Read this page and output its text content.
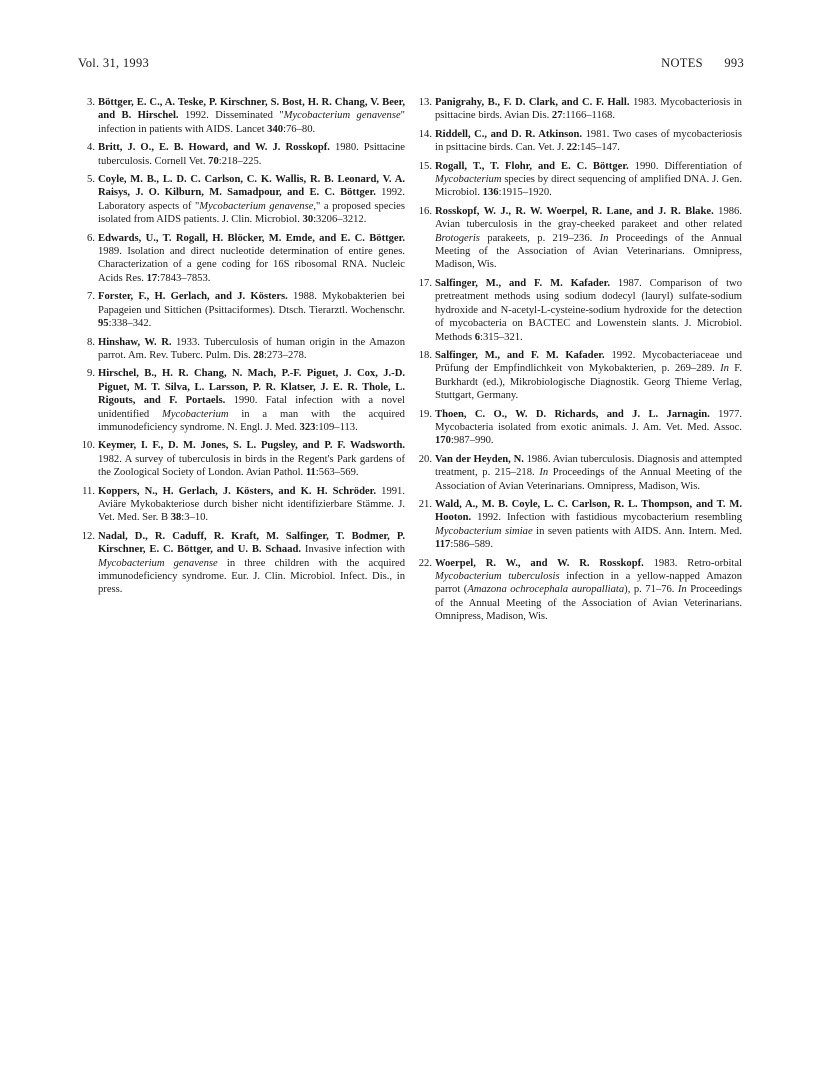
Vol. 31, 1993	NOTES 993
3. Böttger, E. C., A. Teske, P. Kirschner, S. Bost, H. R. Chang, V. Beer, and B. Hirschel. 1992. Disseminated "Mycobacterium genavense" infection in patients with AIDS. Lancet 340:76–80.
4. Britt, J. O., E. B. Howard, and W. J. Rosskopf. 1980. Psittacine tuberculosis. Cornell Vet. 70:218–225.
5. Coyle, M. B., L. D. C. Carlson, C. K. Wallis, R. B. Leonard, V. A. Raisys, J. O. Kilburn, M. Samadpour, and E. C. Böttger. 1992. Laboratory aspects of "Mycobacterium genavense," a proposed species isolated from AIDS patients. J. Clin. Microbiol. 30:3206–3212.
6. Edwards, U., T. Rogall, H. Blöcker, M. Emde, and E. C. Böttger. 1989. Isolation and direct nucleotide determination of entire genes. Characterization of a gene coding for 16S ribosomal RNA. Nucleic Acids Res. 17:7843–7853.
7. Forster, F., H. Gerlach, and J. Kösters. 1988. Mykobakterien bei Papageien und Sittichen (Psittaciformes). Dtsch. Tierarztl. Wochenschr. 95:338–342.
8. Hinshaw, W. R. 1933. Tuberculosis of human origin in the Amazon parrot. Am. Rev. Tuberc. Pulm. Dis. 28:273–278.
9. Hirschel, B., H. R. Chang, N. Mach, P.-F. Piguet, J. Cox, J.-D. Piguet, M. T. Silva, L. Larsson, P. R. Klatser, J. E. R. Thole, L. Rigouts, and F. Portaels. 1990. Fatal infection with a novel unidentified Mycobacterium in a man with the acquired immunodeficiency syndrome. N. Engl. J. Med. 323:109–113.
10. Keymer, I. F., D. M. Jones, S. L. Pugsley, and P. F. Wadsworth. 1982. A survey of tuberculosis in birds in the Regent's Park gardens of the Zoological Society of London. Avian Pathol. 11:563–569.
11. Koppers, N., H. Gerlach, J. Kösters, and K. H. Schröder. 1991. Aviäre Mykobakteriose durch bisher nicht identifizierbare Stämme. J. Vet. Med. Ser. B 38:3–10.
12. Nadal, D., R. Caduff, R. Kraft, M. Salfinger, T. Bodmer, P. Kirschner, E. C. Böttger, and U. B. Schaad. Invasive infection with Mycobacterium genavense in three children with the acquired immunodeficiency syndrome. Eur. J. Clin. Microbiol. Infect. Dis., in press.
13. Panigrahy, B., F. D. Clark, and C. F. Hall. 1983. Mycobacteriosis in psittacine birds. Avian Dis. 27:1166–1168.
14. Riddell, C., and D. R. Atkinson. 1981. Two cases of mycobacteriosis in psittacine birds. Can. Vet. J. 22:145–147.
15. Rogall, T., T. Flohr, and E. C. Böttger. 1990. Differentiation of Mycobacterium species by direct sequencing of amplified DNA. J. Gen. Microbiol. 136:1915–1920.
16. Rosskopf, W. J., R. W. Woerpel, R. Lane, and J. R. Blake. 1986. Avian tuberculosis in the gray-cheeked parakeet and other related Brotogeris parakeets, p. 219–236. In Proceedings of the Annual Meeting of the Association of Avian Veterinarians. Omnipress, Madison, Wis.
17. Salfinger, M., and F. M. Kafader. 1987. Comparison of two pretreatment methods using sodium dodecyl (lauryl) sulfate-sodium hydroxide and N-acetyl-L-cysteine-sodium hydroxide for the detection of mycobacteria on BACTEC and Lowenstein slants. J. Microbiol. Methods 6:315–321.
18. Salfinger, M., and F. M. Kafader. 1992. Mycobacteriaceae und Prüfung der Empfindlichkeit von Mykobakterien, p. 269–289. In F. Burkhardt (ed.), Mikrobiologische Diagnostik. Georg Thieme Verlag, Stuttgart, Germany.
19. Thoen, C. O., W. D. Richards, and J. L. Jarnagin. 1977. Mycobacteria isolated from exotic animals. J. Am. Vet. Med. Assoc. 170:987–990.
20. Van der Heyden, N. 1986. Avian tuberculosis. Diagnosis and attempted treatment, p. 215–218. In Proceedings of the Annual Meeting of the Association of Avian Veterinarians. Omnipress, Madison, Wis.
21. Wald, A., M. B. Coyle, L. C. Carlson, R. L. Thompson, and T. M. Hooton. 1992. Infection with fastidious mycobacterium resembling Mycobacterium simiae in seven patients with AIDS. Ann. Intern. Med. 117:586–589.
22. Woerpel, R. W., and W. R. Rosskopf. 1983. Retro-orbital Mycobacterium tuberculosis infection in a yellow-napped Amazon parrot (Amazona ochrocephala auropalliata), p. 71–76. In Proceedings of the Annual Meeting of the Association of Avian Veterinarians. Omnipress, Madison, Wis.
